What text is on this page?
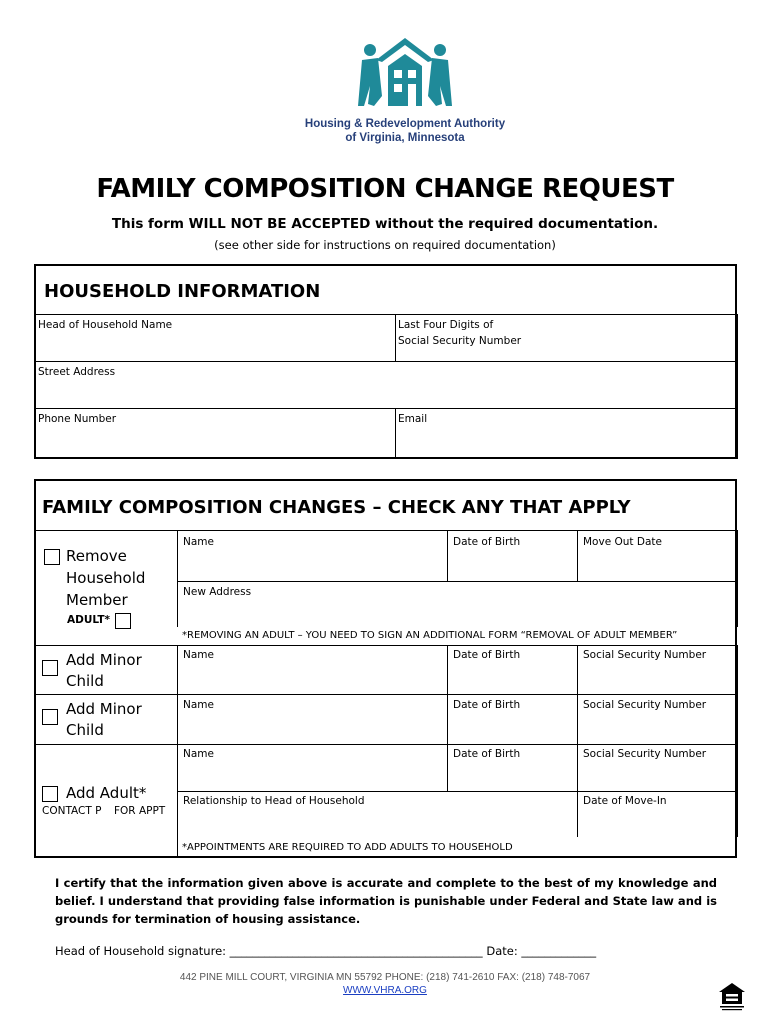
Housing & Redevelopment Authority
of Virginia, Minnesota
FAMILY COMPOSITION CHANGE REQUEST
This form WILL NOT BE ACCEPTED without the required documentation.
(see other side for instructions on required documentation)
HOUSEHOLD INFORMATION
Head of Household Name	Last Four Digits of
Social Security Number
Street Address
Phone Number	Email
FAMILY COMPOSITION CHANGES – CHECK ANY THAT APPLY
Remove
Household
Member
ADULT*
Name	Date of Birth	Move Out Date
New Address
*REMOVING AN ADULT – YOU NEED TO SIGN AN ADDITIONAL FORM “REMOVAL OF ADULT MEMBER”
Add Minor
Child
Name	Date of Birth	Social Security Number
Add Minor
Child
Name	Date of Birth	Social Security Number
Add Adult*
CONTACT P FOR APPT
Name	Date of Birth	Social Security Number
Relationship to Head of Household	Date of Move-In
*APPOINTMENTS ARE REQUIRED TO ADD ADULTS TO HOUSEHOLD
I certify that the information given above is accurate and complete to the best of my knowledge and belief. I understand that providing false information is punishable under Federal and State law and is grounds for termination of housing assistance.
Head of Household signature: ____________________________________________ Date: _____________
442 PINE MILL COURT, VIRGINIA MN 55792 PHONE: (218) 741-2610 FAX: (218) 748-7067
WWW.VHRA.ORG
